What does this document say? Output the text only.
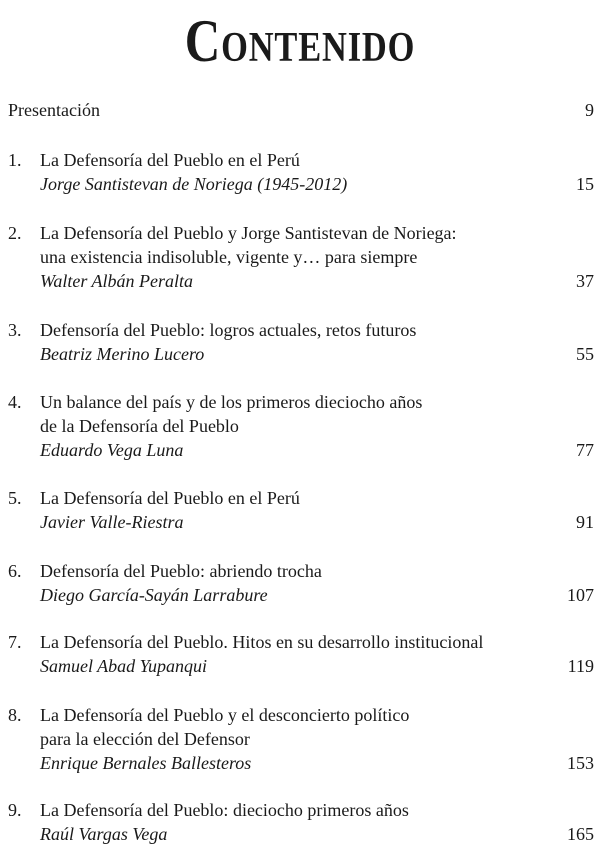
Contenido
Presentación	9
1. La Defensoría del Pueblo en el Perú
Jorge Santistevan de Noriega (1945-2012)	15
2. La Defensoría del Pueblo y Jorge Santistevan de Noriega:
una existencia indisoluble, vigente y… para siempre
Walter Albán Peralta	37
3. Defensoría del Pueblo: logros actuales, retos futuros
Beatriz Merino Lucero	55
4. Un balance del país y de los primeros dieciocho años
de la Defensoría del Pueblo
Eduardo Vega Luna	77
5. La Defensoría del Pueblo en el Perú
Javier Valle-Riestra	91
6. Defensoría del Pueblo: abriendo trocha
Diego García-Sayán Larrabure	107
7. La Defensoría del Pueblo. Hitos en su desarrollo institucional
Samuel Abad Yupanqui	119
8. La Defensoría del Pueblo y el desconcierto político
para la elección del Defensor
Enrique Bernales Ballesteros	153
9. La Defensoría del Pueblo: dieciocho primeros años
Raúl Vargas Vega	165
